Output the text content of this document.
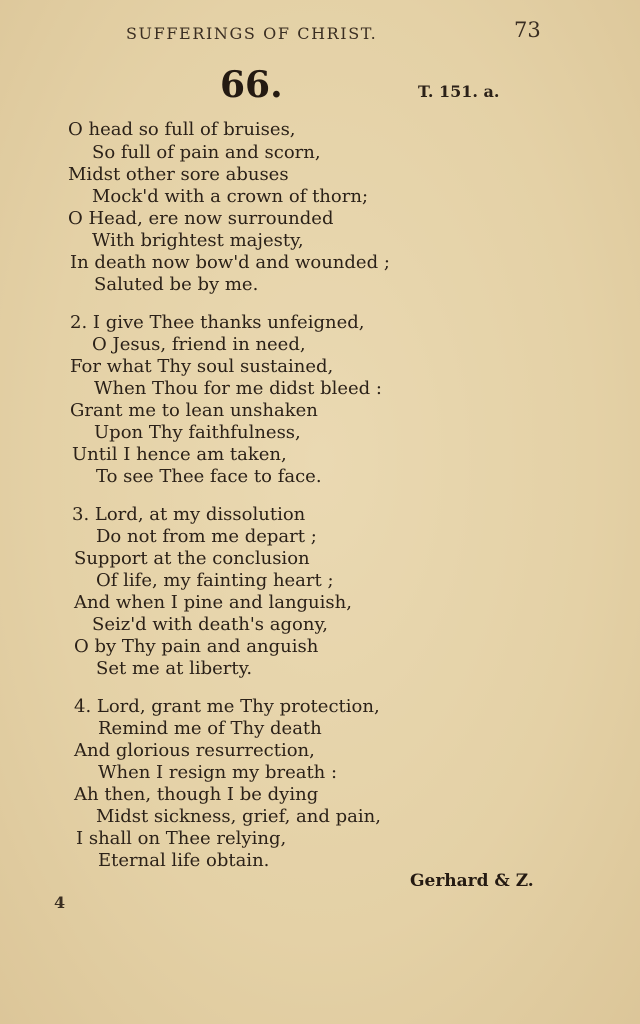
SUFFERINGS OF CHRIST.	73
66.	T. 151. a.
O head so full of bruises,
So full of pain and scorn,
Midst other sore abuses
Mock'd with a crown of thorn;
O Head, ere now surrounded
With brightest majesty,
In death now bow'd and wounded ;
Saluted be by me.
2. I give Thee thanks unfeigned,
O Jesus, friend in need,
For what Thy soul sustained,
When Thou for me didst bleed :
Grant me to lean unshaken
Upon Thy faithfulness,
Until I hence am taken,
To see Thee face to face.
3. Lord, at my dissolution
Do not from me depart ;
Support at the conclusion
Of life, my fainting heart ;
And when I pine and languish,
Seiz'd with death's agony,
O by Thy pain and anguish
Set me at liberty.
4. Lord, grant me Thy protection,
Remind me of Thy death
And glorious resurrection,
When I resign my breath :
Ah then, though I be dying
Midst sickness, grief, and pain,
I shall on Thee relying,
Eternal life obtain.
Gerhard & Z.
4
